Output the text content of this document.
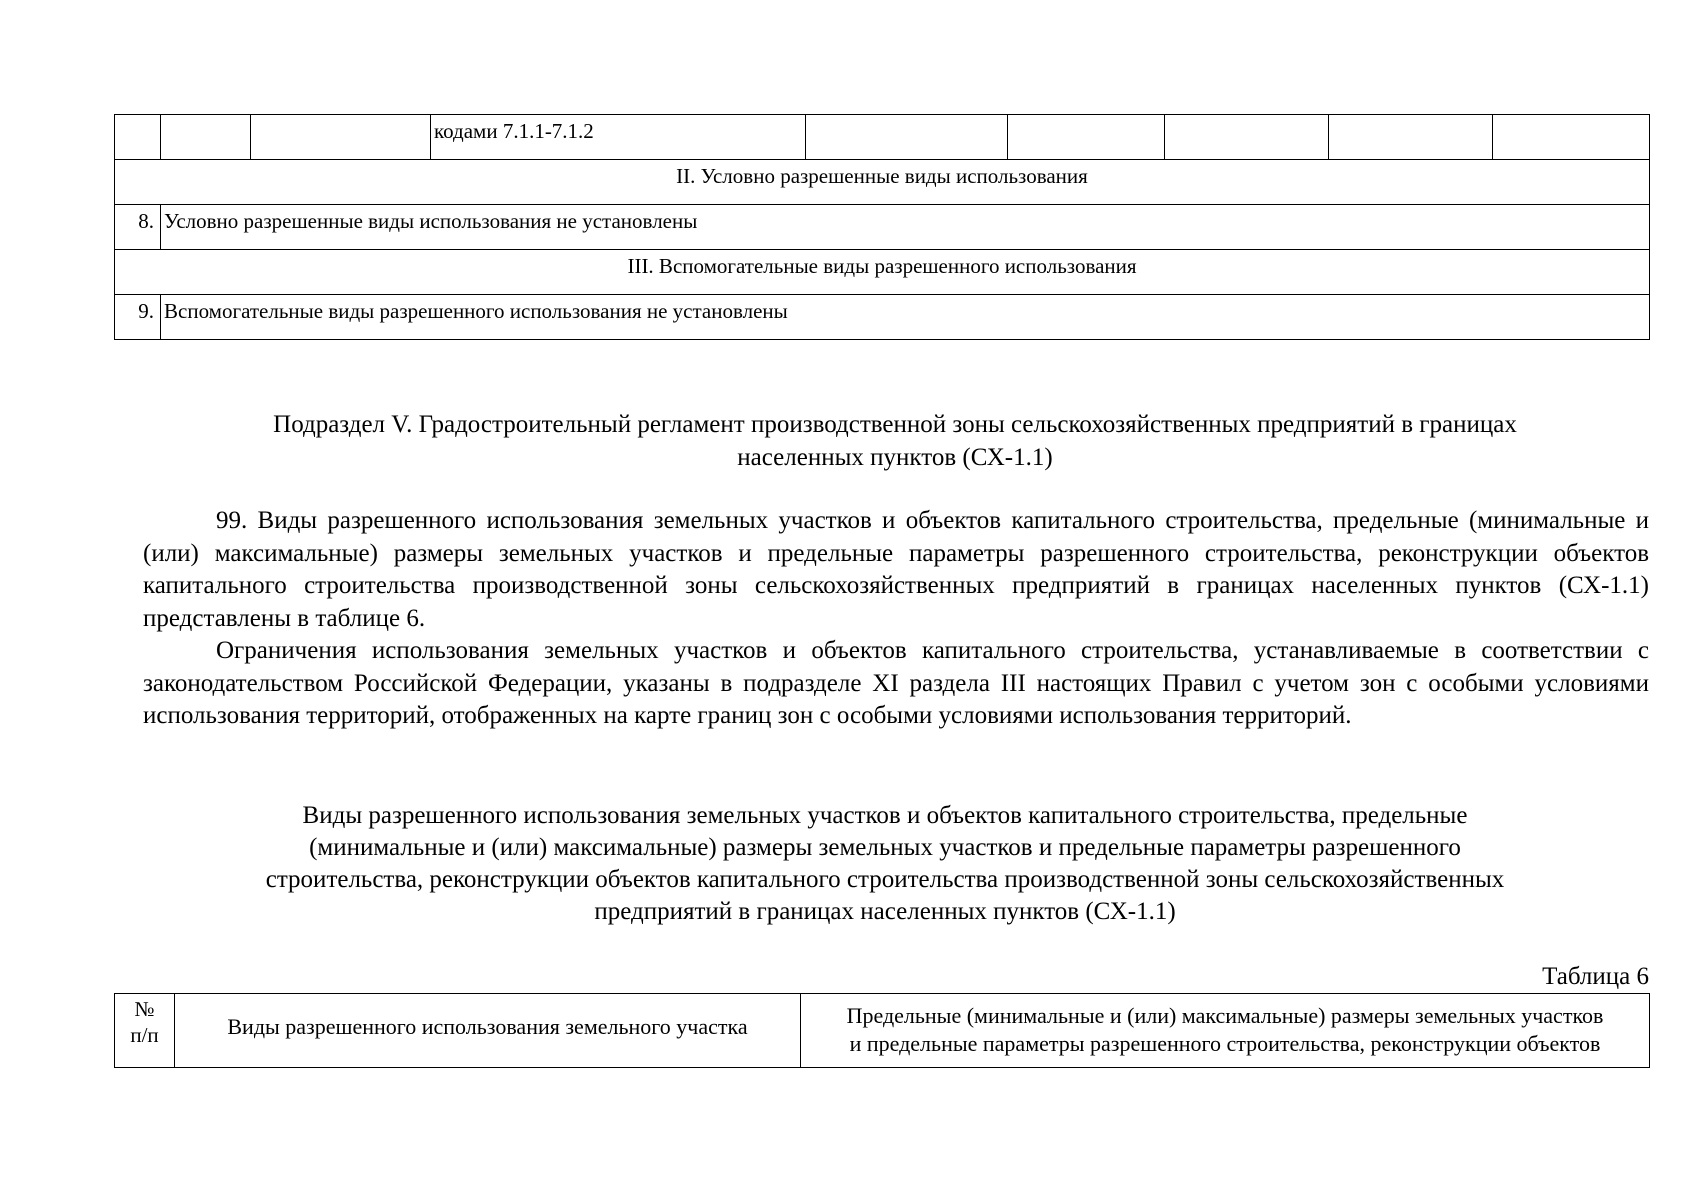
			кодами 7.1.1-7.1.2					
II. Условно разрешенные виды использования								
8.	Условно разрешенные виды использования не установлены							
III. Вспомогательные виды разрешенного использования								
9.	Вспомогательные виды разрешенного использования не установлены							
Подраздел V. Градостроительный регламент производственной зоны сельскохозяйственных предприятий в границах
населенных пунктов (СХ-1.1)

99. Виды разрешенного использования земельных участков и объектов капитального строительства, предельные (минимальные и (или) максимальные) размеры земельных участков и предельные параметры разрешенного строительства, реконструкции объектов капитального строительства производственной зоны сельскохозяйственных предприятий в границах населенных пунктов (СХ-1.1) представлены в таблице 6.

Ограничения использования земельных участков и объектов капитального строительства, устанавливаемые в соответствии с законодательством Российской Федерации, указаны в подразделе XI раздела III настоящих Правил с учетом зон с особыми условиями использования территорий, отображенных на карте границ зон с особыми условиями использования территорий.

Виды разрешенного использования земельных участков и объектов капитального строительства, предельные
(минимальные и (или) максимальные) размеры земельных участков и предельные параметры разрешенного
строительства, реконструкции объектов капитального строительства производственной зоны сельскохозяйственных
предприятий в границах населенных пунктов (СХ-1.1)
Таблица 6
№
п/п	Виды разрешенного использования земельного участка	Предельные (минимальные и (или) максимальные) размеры земельных участков
и предельные параметры разрешенного строительства, реконструкции объектов
